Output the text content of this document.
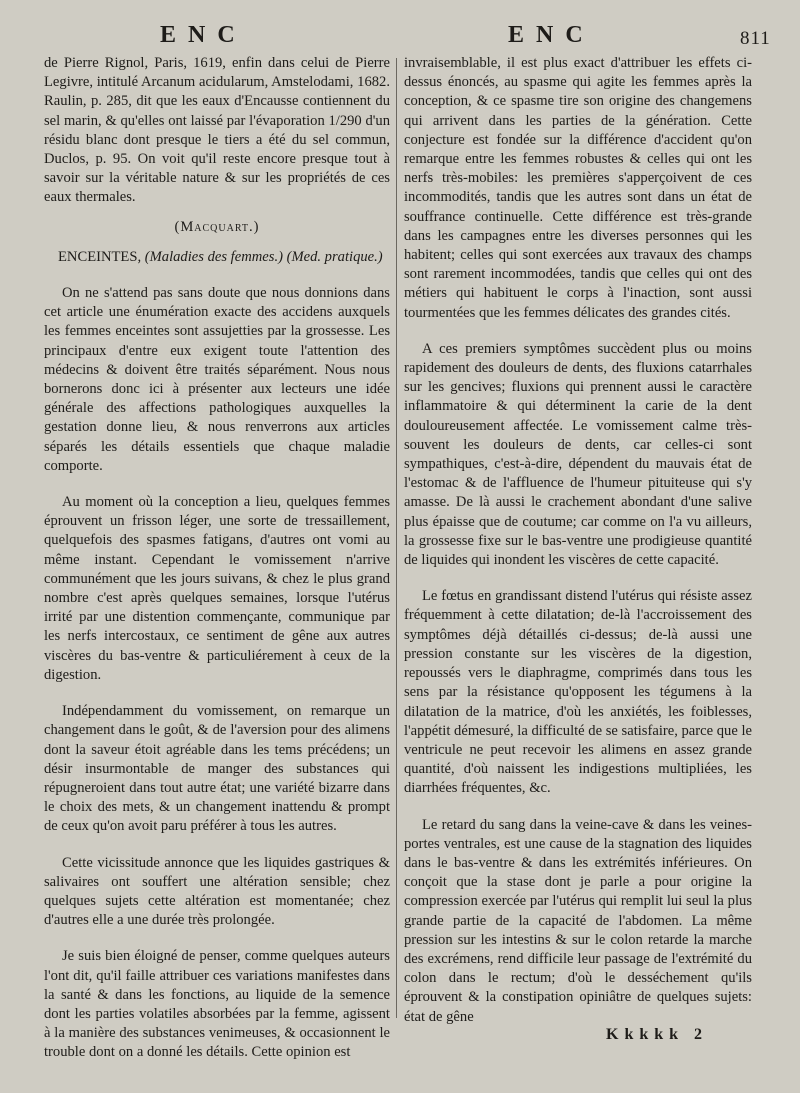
ENC	ENC	811

de Pierre Rignol, Paris, 1619, enfin dans celui de Pierre Legivre, intitulé Arcanum acidularum, Amstelodami, 1682. Raulin, p. 285, dit que les eaux d'Encausse contiennent du sel marin, & qu'elles ont laissé par l'évaporation 1/290 d'un résidu blanc dont presque le tiers a été du sel commun, Duclos, p. 95. On voit qu'il reste encore presque tout à savoir sur la véritable nature & sur les propriétés de ces eaux thermales.

(Macquart.)

ENCEINTES, (Maladies des femmes.) (Med. pratique.)

On ne s'attend pas sans doute que nous donnions dans cet article une énumération exacte des accidens auxquels les femmes enceintes sont assujetties par la grossesse. Les principaux d'entre eux exigent toute l'attention des médecins & doivent être traités séparément. Nous nous bornerons donc ici à présenter aux lecteurs une idée générale des affections pathologiques auxquelles la gestation donne lieu, & nous renverrons aux articles séparés les détails essentiels que chaque maladie comporte.

Au moment où la conception a lieu, quelques femmes éprouvent un frisson léger, une sorte de tressaillement, quelquefois des spasmes fatigans, d'autres ont vomi au même instant. Cependant le vomissement n'arrive communément que les jours suivans, & chez le plus grand nombre c'est après quelques semaines, lorsque l'utérus irrité par une distention commençante, communique par les nerfs intercostaux, ce sentiment de gêne aux autres viscères du bas-ventre & particuliérement à ceux de la digestion.

Indépendamment du vomissement, on remarque un changement dans le goût, & de l'aversion pour des alimens dont la saveur étoit agréable dans les tems précédens; un désir insurmontable de manger des substances qui répugneroient dans tout autre état; une variété bizarre dans le choix des mets, & un changement inattendu & prompt de ceux qu'on avoit paru préférer à tous les autres.

Cette vicissitude annonce que les liquides gastriques & salivaires ont souffert une altération sensible; chez quelques sujets cette altération est momentanée; chez d'autres elle a une durée très prolongée.

Je suis bien éloigné de penser, comme quelques auteurs l'ont dit, qu'il faille attribuer ces variations manifestes dans la santé & dans les fonctions, au liquide de la semence dont les parties volatiles absorbées par la femme, agissent à la manière des substances venimeuses, & occasionnent le trouble dont on a donné les détails. Cette opinion est

invraisemblable, il est plus exact d'attribuer les effets ci-dessus énoncés, au spasme qui agite les femmes après la conception, & ce spasme tire son origine des changemens qui arrivent dans les parties de la génération. Cette conjecture est fondée sur la différence d'accident qu'on remarque entre les femmes robustes & celles qui ont les nerfs très-mobiles: les premières s'apperçoivent de ces incommodités, tandis que les autres sont dans un état de souffrance continuelle. Cette différence est très-grande dans les campagnes entre les diverses personnes qui les habitent; celles qui sont exercées aux travaux des champs sont rarement incommodées, tandis que celles qui ont des métiers qui habituent le corps à l'inaction, sont aussi tourmentées que les femmes délicates des grandes cités.

A ces premiers symptômes succèdent plus ou moins rapidement des douleurs de dents, des fluxions catarrhales sur les gencives; fluxions qui prennent aussi le caractère inflammatoire & qui déterminent la carie de la dent douloureusement affectée. Le vomissement calme très-souvent les douleurs de dents, car celles-ci sont sympathiques, c'est-à-dire, dépendent du mauvais état de l'estomac & de l'affluence de l'humeur pituiteuse qui s'y amasse. De là aussi le crachement abondant d'une salive plus épaisse que de coutume; car comme on l'a vu ailleurs, la grossesse fixe sur le bas-ventre une prodigieuse quantité de liquides qui inondent les viscères de cette capacité.

Le fœtus en grandissant distend l'utérus qui résiste assez fréquemment à cette dilatation; de-là l'accroissement des symptômes déjà détaillés ci-dessus; de-là aussi une pression constante sur les viscères de la digestion, repoussés vers le diaphragme, comprimés dans tous les sens par la résistance qu'opposent les tégumens à la dilatation de la matrice, d'où les anxiétés, les foiblesses, l'appétit démesuré, la difficulté de se satisfaire, parce que le ventricule ne peut recevoir les alimens en assez grande quantité, d'où naissent les indigestions multipliées, les diarrhées fréquentes, &c.

Le retard du sang dans la veine-cave & dans les veines-portes ventrales, est une cause de la stagnation des liquides dans le bas-ventre & dans les extrémités inférieures. On conçoit que la stase dont je parle a pour origine la compression exercée par l'utérus qui remplit lui seul la plus grande partie de la capacité de l'abdomen. La même pression sur les intestins & sur le colon retarde la marche des excrémens, rend difficile leur passage de l'extrémité du colon dans le rectum; d'où le desséchement qu'ils éprouvent & la constipation opiniâtre de quelques sujets: état de gêne

Kkkkk 2
